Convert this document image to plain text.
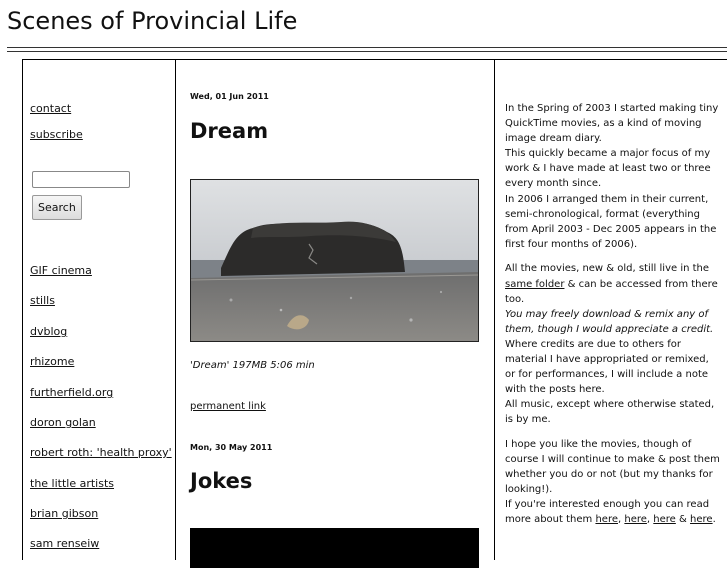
Scenes of Provincial Life
contact
subscribe
Search
GIF cinema
stills
dvblog
rhizome
furtherfield.org
doron golan
robert roth: 'health proxy'
the little artists
brian gibson
sam renseiw
Wed, 01 Jun 2011
Dream
'Dream' 197MB 5:06 min
permanent link
Mon, 30 May 2011
Jokes

In the Spring of 2003 I started making tiny QuickTime movies, as a kind of moving image dream diary.
This quickly became a major focus of my work & I have made at least two or three every month since.
In 2006 I arranged them in their current, semi-chronological, format (everything from April 2003 - Dec 2005 appears in the first four months of 2006).

All the movies, new & old, still live in the same folder & can be accessed from there too.
You may freely download & remix any of them, though I would appreciate a credit.
Where credits are due to others for material I have appropriated or remixed, or for performances, I will include a note with the posts here.
All music, except where otherwise stated, is by me.

I hope you like the movies, though of course I will continue to make & post them whether you do or not (but my thanks for looking!).
If you're interested enough you can read more about them here, here, here & here.
